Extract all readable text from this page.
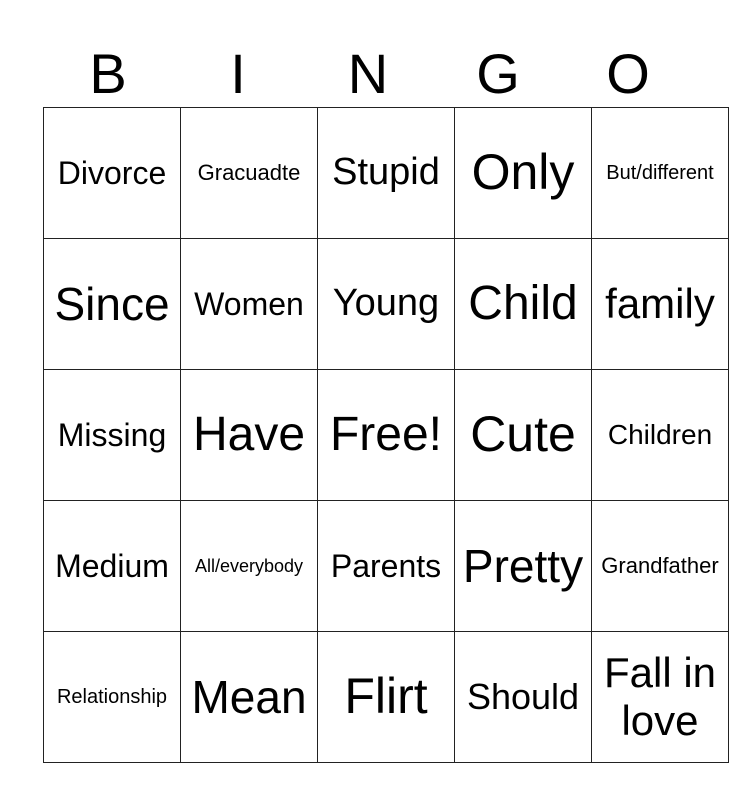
B	I	N	G	O
Divorce	Gracuadte	Stupid	Only	But/different
Since	Women	Young	Child	family
Missing	Have	Free!	Cute	Children
Medium	All/everybody	Parents	Pretty	Grandfather
Relationship	Mean	Flirt	Should	Fall in love
